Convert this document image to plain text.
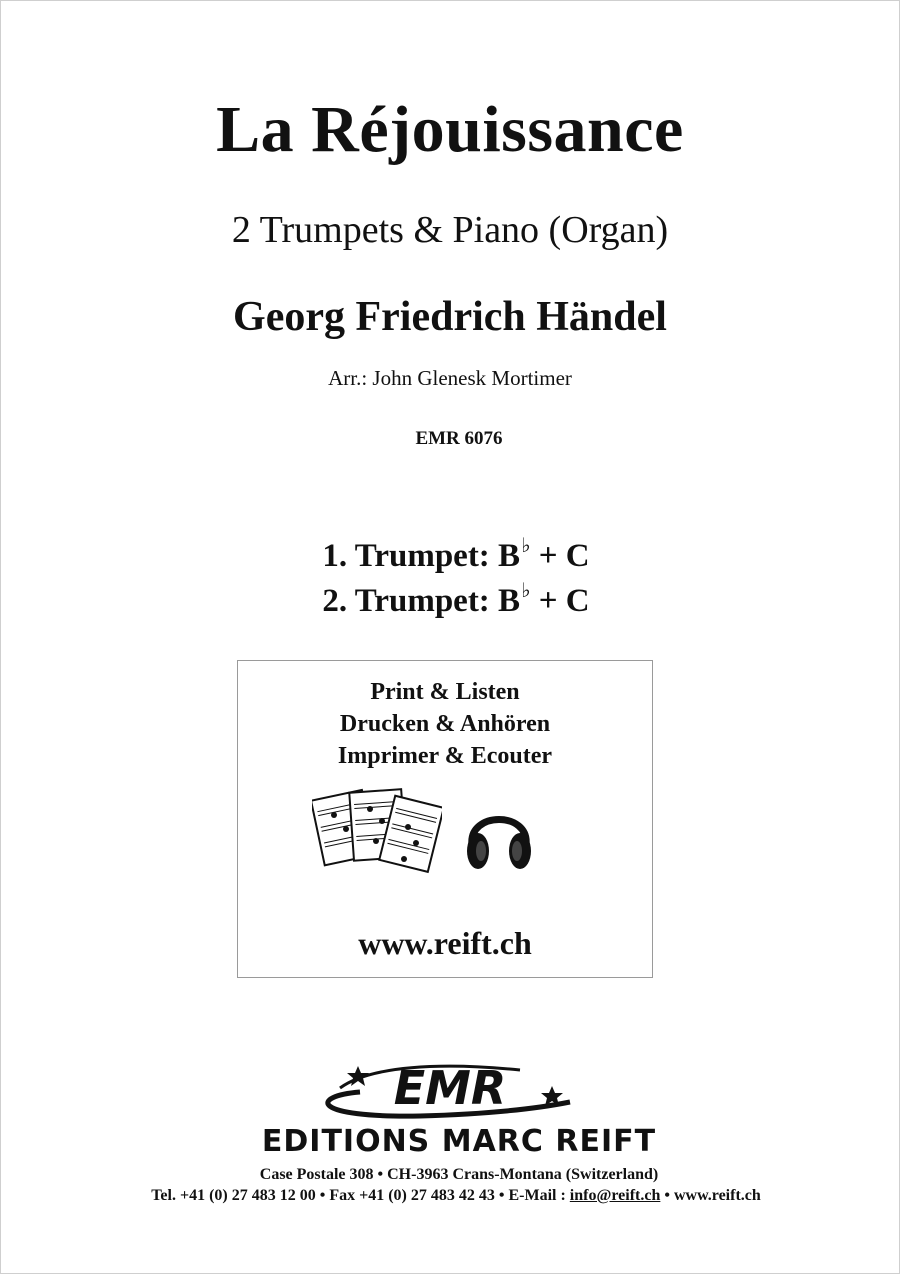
La Réjouissance
2 Trumpets & Piano (Organ)
Georg Friedrich Händel
Arr.: John Glenesk Mortimer
EMR 6076
1. Trumpet: B♭ + C
2. Trumpet: B♭ + C
Print & Listen
Drucken & Anhören
Imprimer & Ecouter
www.reift.ch
EMR
EDITIONS MARC REIFT
Case Postale 308 • CH-3963 Crans-Montana (Switzerland)
Tel. +41 (0) 27 483 12 00 • Fax +41 (0) 27 483 42 43 • E-Mail : info@reift.ch • www.reift.ch
